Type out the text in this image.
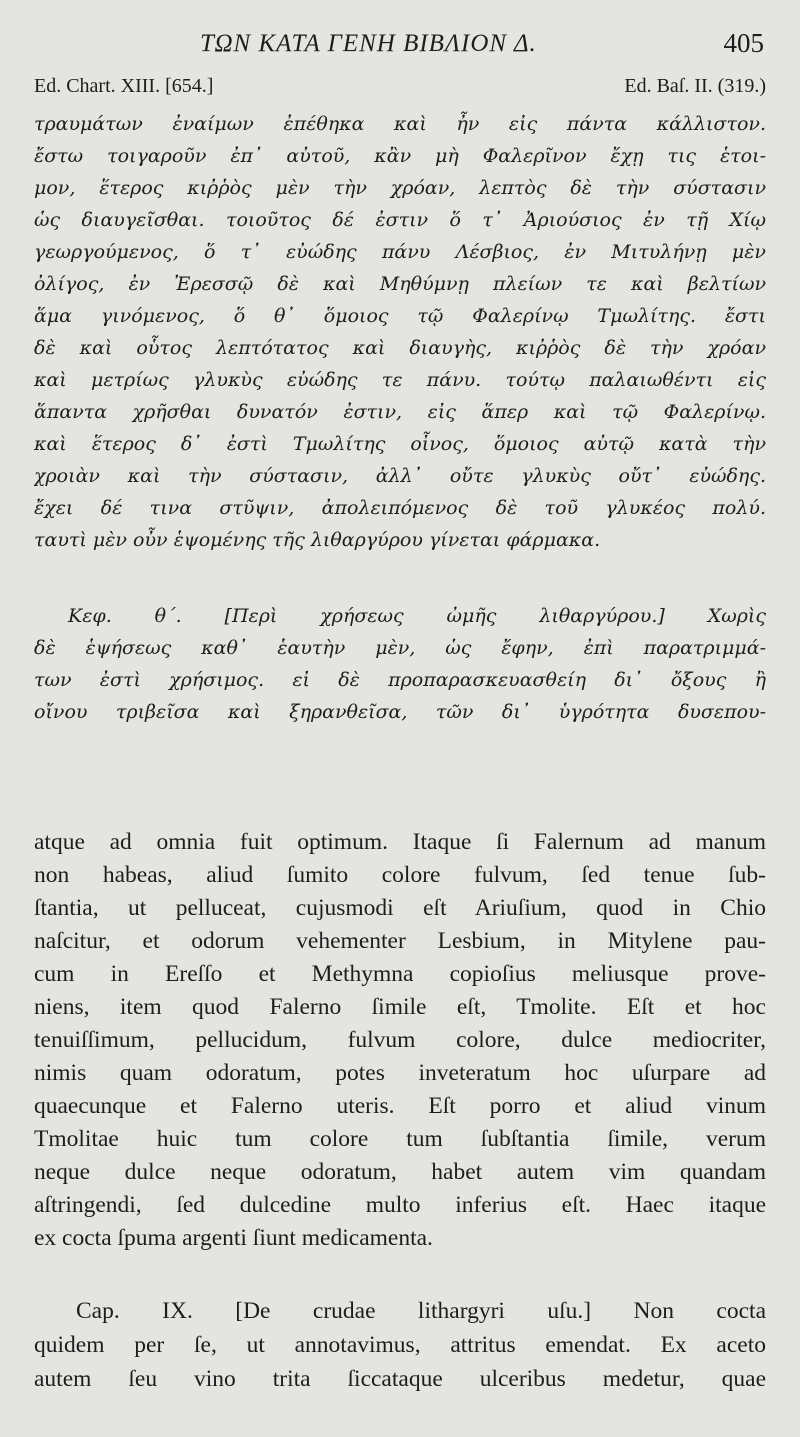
ΤΩΝ ΚΑΤΑ ΓΕΝΗ ΒΙΒΛΙΟΝ Δ.	405
Ed. Chart. XIII. [654.]	Ed. Baſ. II. (319.)
τραυμάτων ἐναίμων ἐπέθηκα καὶ ἦν εἰς πάντα κάλλιστον.
ἔστω τοιγαροῦν ἐπ᾽ αὐτοῦ, κἂν μὴ Φαλερῖνον ἔχῃ τις ἑτοι-
μον, ἕτερος κιῤῥὸς μὲν τὴν χρόαν, λεπτὸς δὲ τὴν σύστασιν
ὡς διαυγεῖσθαι. τοιοῦτος δέ ἐστιν ὅ τ᾽ Ἀριούσιος ἐν τῇ Χίῳ
γεωργούμενος, ὅ τ᾽ εὐώδης πάνυ Λέσβιος, ἐν Μιτυλήνῃ μὲν
ὀλίγος, ἐν Ἐρεσσῷ δὲ καὶ Μηθύμνῃ πλείων τε καὶ βελτίων
ἅμα γινόμενος, ὅ θ᾽ ὅμοιος τῷ Φαλερίνῳ Τμωλίτης. ἔστι
δὲ καὶ οὗτος λεπτότατος καὶ διαυγὴς, κιῤῥὸς δὲ τὴν χρόαν
καὶ μετρίως γλυκὺς εὐώδης τε πάνυ. τούτῳ παλαιωθέντι εἰς
ἅπαντα χρῆσθαι δυνατόν ἐστιν, εἰς ἅπερ καὶ τῷ Φαλερίνῳ.
καὶ ἕτερος δ᾽ ἐστὶ Τμωλίτης οἶνος, ὅμοιος αὐτῷ κατὰ τὴν
χροιὰν καὶ τὴν σύστασιν, ἀλλ᾽ οὔτε γλυκὺς οὔτ᾽ εὐώδης.
ἔχει δέ τινα στῦψιν, ἀπολειπόμενος δὲ τοῦ γλυκέος πολύ.
ταυτὶ μὲν οὖν ἑψομένης τῆς λιθαργύρου γίνεται φάρμακα.
Κεφ. θ΄. [Περὶ χρήσεως ὠμῆς λιθαργύρου.] Χωρὶς
δὲ ἑψήσεως καθ᾽ ἑαυτὴν μὲν, ὡς ἔφην, ἐπὶ παρατριμμά-
των ἐστὶ χρήσιμος. εἰ δὲ προπαρασκευασθείη δι᾽ ὄξους ἢ
οἴνου τριβεῖσα καὶ ξηρανθεῖσα, τῶν δι᾽ ὑγρότητα δυσεπου-
atque ad omnia fuit optimum. Itaque ſi Falernum ad manum
non habeas, aliud ſumito colore fulvum, ſed tenue ſub-
ſtantia, ut pelluceat, cujusmodi eſt Ariuſium, quod in Chio
naſcitur, et odorum vehementer Lesbium, in Mitylene pau-
cum in Ereſſo et Methymna copioſius meliusque prove-
niens, item quod Falerno ſimile eſt, Tmolite. Eſt et hoc
tenuiſſimum, pellucidum, fulvum colore, dulce mediocriter,
nimis quam odoratum, potes inveteratum hoc uſurpare ad
quaecunque et Falerno uteris. Eſt porro et aliud vinum
Tmolitae huic tum colore tum ſubſtantia ſimile, verum
neque dulce neque odoratum, habet autem vim quandam
aſtringendi, ſed dulcedine multo inferius eſt. Haec itaque
ex cocta ſpuma argenti ſiunt medicamenta.
Cap. IX. [De crudae lithargyri uſu.] Non cocta
quidem per ſe, ut annotavimus, attritus emendat. Ex aceto
autem ſeu vino trita ſiccataque ulceribus medetur, quae
